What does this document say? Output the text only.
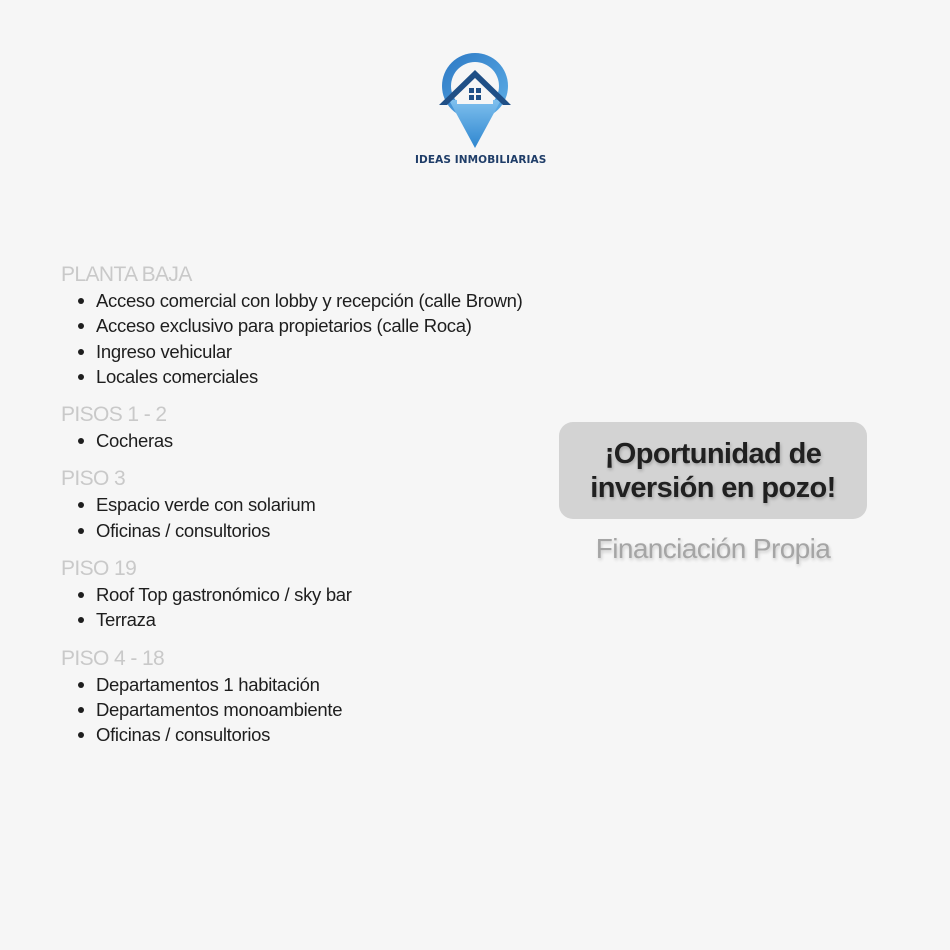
IDEAS INMOBILIARIAS
PLANTA BAJA
Acceso comercial con lobby y recepción (calle Brown)
Acceso exclusivo para propietarios (calle Roca)
Ingreso vehicular
Locales comerciales
PISOS 1 - 2
Cocheras
PISO 3
Espacio verde con solarium
Oficinas / consultorios
PISO 19
Roof Top gastronómico / sky bar
Terraza
PISO 4 - 18
Departamentos 1 habitación
Departamentos monoambiente
Oficinas / consultorios
¡Oportunidad de
inversión en pozo!
Financiación Propia
